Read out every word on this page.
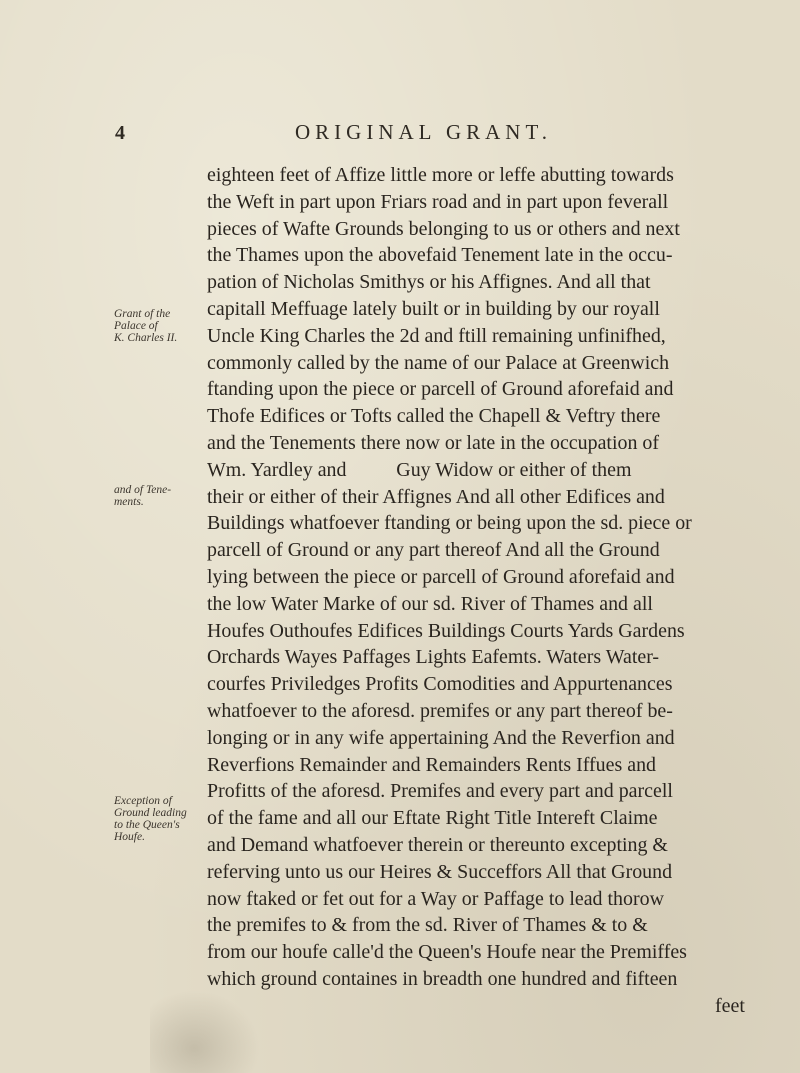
4	ORIGINAL GRANT.

Grant of the
Palace of
K. Charles II.

and of Tene-
ments.

Exception of
Ground leading
to the Queen's
Houfe.

eighteen feet of Affize little more or leffe abutting towards
the Weft in part upon Friars road and in part upon feverall
pieces of Wafte Grounds belonging to us or others and next
the Thames upon the abovefaid Tenement late in the occu-
pation of Nicholas Smithys or his Affignes. And all that
capitall Meffuage lately built or in building by our royall
Uncle King Charles the 2d and ftill remaining unfinifhed,
commonly called by the name of our Palace at Greenwich
ftanding upon the piece or parcell of Ground aforefaid and
Thofe Edifices or Tofts called the Chapell & Veftry there
and the Tenements there now or late in the occupation of
Wm. Yardley and          Guy Widow or either of them
their or either of their Affignes And all other Edifices and
Buildings whatfoever ftanding or being upon the sd. piece or
parcell of Ground or any part thereof And all the Ground
lying between the piece or parcell of Ground aforefaid and
the low Water Marke of our sd. River of Thames and all
Houfes Outhoufes Edifices Buildings Courts Yards Gardens
Orchards Wayes Paffages Lights Eafemts. Waters Water-
courfes Priviledges Profits Comodities and Appurtenances
whatfoever to the aforesd. premifes or any part thereof be-
longing or in any wife appertaining And the Reverfion and
Reverfions Remainder and Remainders Rents Iffues and
Profitts of the aforesd. Premifes and every part and parcell
of the fame and all our Eftate Right Title Intereft Claime
and Demand whatfoever therein or thereunto excepting &
referving unto us our Heires & Succeffors All that Ground
now ftaked or fet out for a Way or Paffage to lead thorow
the premifes to & from the sd. River of Thames & to &
from our houfe calle'd the Queen's Houfe near the Premiffes
which ground containes in breadth one hundred and fifteen
feet
